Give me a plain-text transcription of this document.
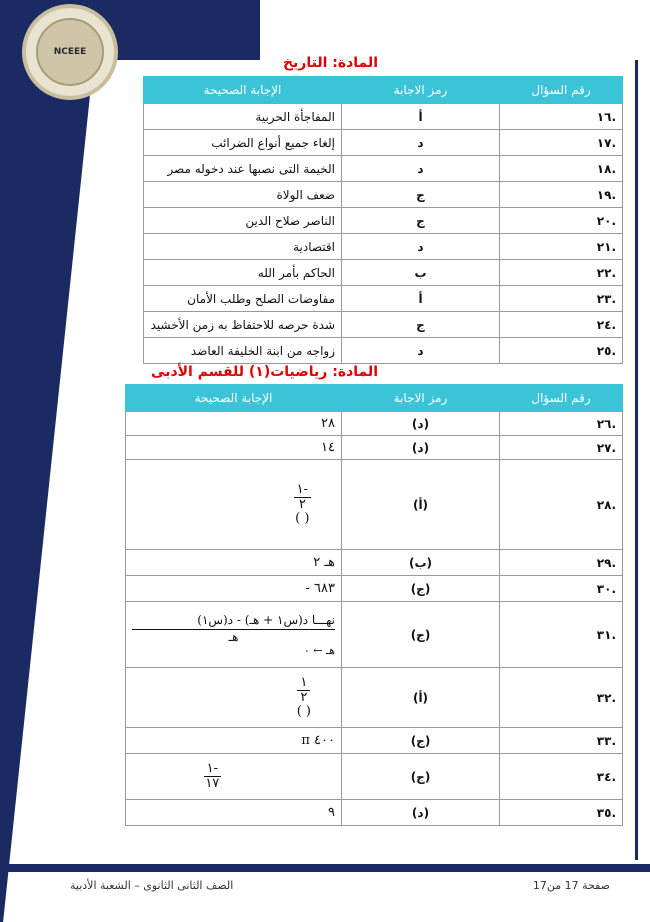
NCEEE
المادة: التاريخ
رقم السؤال	رمز الاجابة	الإجابة الصحيحة
.١٦	أ	المفاجأة الحربية
.١٧	د	إلغاء جميع أنواع الضرائب
.١٨	د	الخيمة التى نصبها عند دخوله مصر
.١٩	ج	ضعف الولاة
.٢٠	ج	الناصر صلاح الدين
.٢١	د	اقتصادية
.٢٢	ب	الحاكم بأمر الله
.٢٣	أ	مفاوضات الصلح وطلب الأمان
.٢٤	ج	شدة حرصه للاحتفاظ به زمن الأخشيد
.٢٥	د	زواجه من ابنة الخليفة العاضد
المادة: رياضيات(١) للقسم الأدبى
رقم السؤال	رمز الاجابة	الإجابة الصحيحة
.٢٦	(د)	٢٨
.٢٧	(د)	١٤
.٢٨	(أ)	-١
٢
( )

.٢٩	(ب)	هـ ٢
.٣٠	(ج)	٦٨٣ -
.٣١	(ج)	نهـــا د(س١ + هـ) - د(س١)
هـ
هـ ← ٠

.٣٢	(أ)	١
٢
( )

.٣٣	(ج)	٤٠٠ π
.٣٤	(ج)	$\frac{-١}{١٧}$

.٣٥	(د)	٩
الصف الثانى الثانوى – الشعبة الأدبية	صفحة 17 من17
